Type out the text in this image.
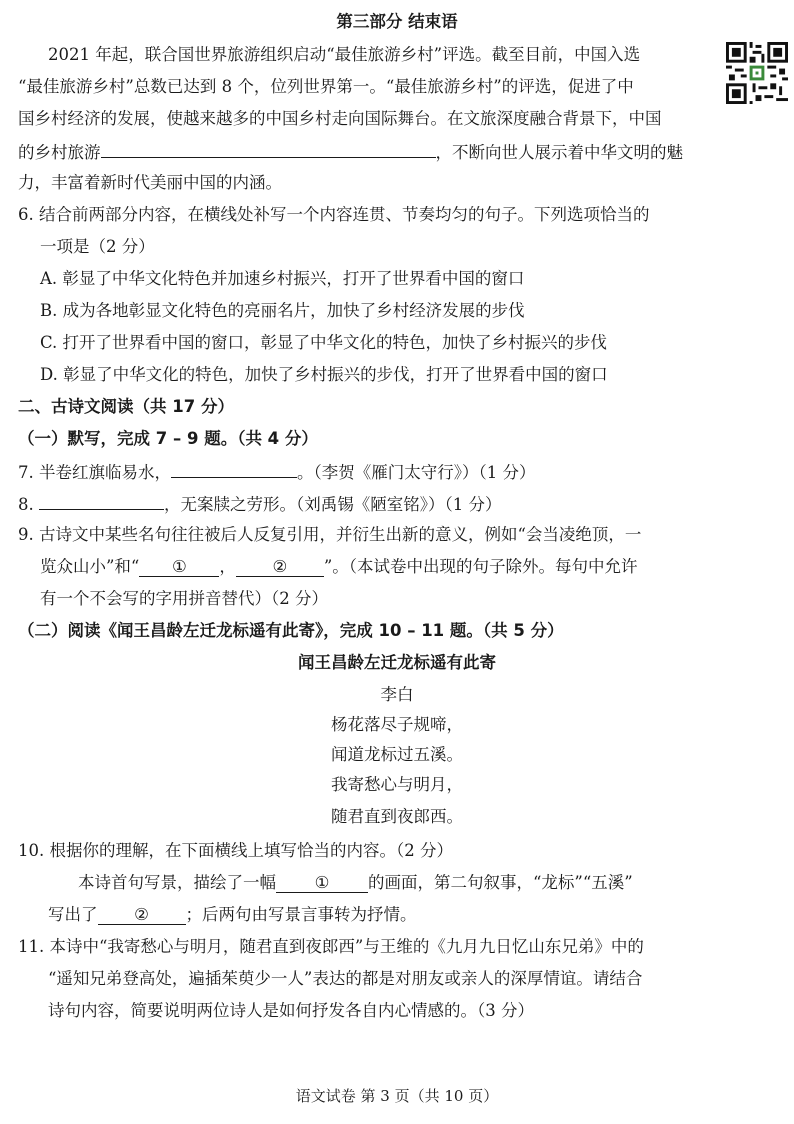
第三部分 结束语
2021 年起，联合国世界旅游组织启动“最佳旅游乡村”评选。截至目前，中国入选
“最佳旅游乡村”总数已达到 8 个，位列世界第一。“最佳旅游乡村”的评选，促进了中
国乡村经济的发展，使越来越多的中国乡村走向国际舞台。在文旅深度融合背景下，中国
的乡村旅游	，不断向世人展示着中华文明的魅
力，丰富着新时代美丽中国的内涵。
6. 结合前两部分内容，在横线处补写一个内容连贯、节奏均匀的句子。下列选项恰当的
一项是（2 分）
A. 彰显了中华文化特色并加速乡村振兴，打开了世界看中国的窗口
B. 成为各地彰显文化特色的亮丽名片，加快了乡村经济发展的步伐
C. 打开了世界看中国的窗口，彰显了中华文化的特色，加快了乡村振兴的步伐
D. 彰显了中华文化的特色，加快了乡村振兴的步伐，打开了世界看中国的窗口
二、古诗文阅读（共 17 分）
（一）默写，完成 7 – 9 题。（共 4 分）
7. 半卷红旗临易水，	。（李贺《雁门太守行》）（1 分）
8.	，无案牍之劳形。（刘禹锡《陋室铭》）（1 分）
9. 古诗文中某些名句往往被后人反复引用，并衍生出新的意义，例如“会当凌绝顶，一
览众山小”和“ ① ， ② ”。（本试卷中出现的句子除外。每句中允许
有一个不会写的字用拼音替代）（2 分）
（二）阅读《闻王昌龄左迁龙标遥有此寄》，完成 10 – 11 题。（共 5 分）
闻王昌龄左迁龙标遥有此寄
李白
杨花落尽子规啼，
闻道龙标过五溪。
我寄愁心与明月，
随君直到夜郎西。
10. 根据你的理解，在下面横线上填写恰当的内容。（2 分）
本诗首句写景，描绘了一幅 ① 的画面，第二句叙事，“龙标”“五溪”
写出了 ② ；后两句由写景言事转为抒情。
11. 本诗中“我寄愁心与明月，随君直到夜郎西”与王维的《九月九日忆山东兄弟》中的
“遥知兄弟登高处，遍插茱萸少一人”表达的都是对朋友或亲人的深厚情谊。请结合
诗句内容，简要说明两位诗人是如何抒发各自内心情感的。（3 分）
语文试卷 第 3 页（共 10 页）
